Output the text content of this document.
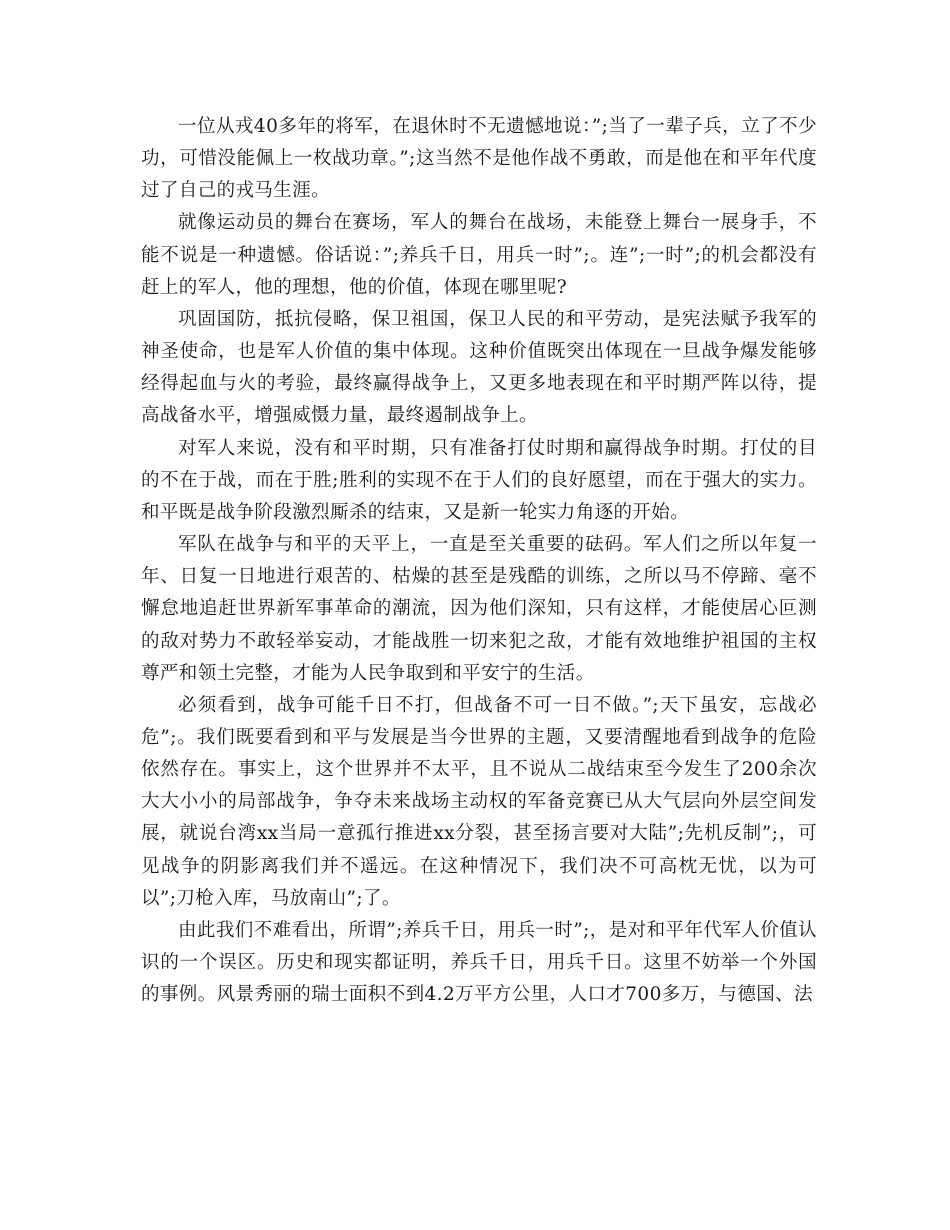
一位从戎40多年的将军，在退休时不无遗憾地说：”;当了一辈子兵，立了不少功，可惜没能佩上一枚战功章。”;这当然不是他作战不勇敢，而是他在和平年代度过了自己的戎马生涯。

就像运动员的舞台在赛场，军人的舞台在战场，未能登上舞台一展身手，不能不说是一种遗憾。俗话说：”;养兵千日，用兵一时”;。连”;一时”;的机会都没有赶上的军人，他的理想，他的价值，体现在哪里呢?

巩固国防，抵抗侵略，保卫祖国，保卫人民的和平劳动，是宪法赋予我军的神圣使命，也是军人价值的集中体现。这种价值既突出体现在一旦战争爆发能够经得起血与火的考验，最终赢得战争上，又更多地表现在和平时期严阵以待，提高战备水平，增强威慑力量，最终遏制战争上。

对军人来说，没有和平时期，只有准备打仗时期和赢得战争时期。打仗的目的不在于战，而在于胜;胜利的实现不在于人们的良好愿望，而在于强大的实力。和平既是战争阶段激烈厮杀的结束，又是新一轮实力角逐的开始。

军队在战争与和平的天平上，一直是至关重要的砝码。军人们之所以年复一年、日复一日地进行艰苦的、枯燥的甚至是残酷的训练，之所以马不停蹄、毫不懈怠地追赶世界新军事革命的潮流，因为他们深知，只有这样，才能使居心叵测的敌对势力不敢轻举妄动，才能战胜一切来犯之敌，才能有效地维护祖国的主权尊严和领土完整，才能为人民争取到和平安宁的生活。

必须看到，战争可能千日不打，但战备不可一日不做。”;天下虽安，忘战必危”;。我们既要看到和平与发展是当今世界的主题，又要清醒地看到战争的危险依然存在。事实上，这个世界并不太平，且不说从二战结束至今发生了200余次大大小小的局部战争，争夺未来战场主动权的军备竞赛已从大气层向外层空间发展，就说台湾xx当局一意孤行推进xx分裂，甚至扬言要对大陆”;先机反制”;，可见战争的阴影离我们并不遥远。在这种情况下，我们决不可高枕无忧，以为可以”;刀枪入库，马放南山”;了。

由此我们不难看出，所谓”;养兵千日，用兵一时”;，是对和平年代军人价值认识的一个误区。历史和现实都证明，养兵千日，用兵千日。这里不妨举一个外国的事例。风景秀丽的瑞士面积不到4.2万平方公里，人口才700多万，与德国、法
